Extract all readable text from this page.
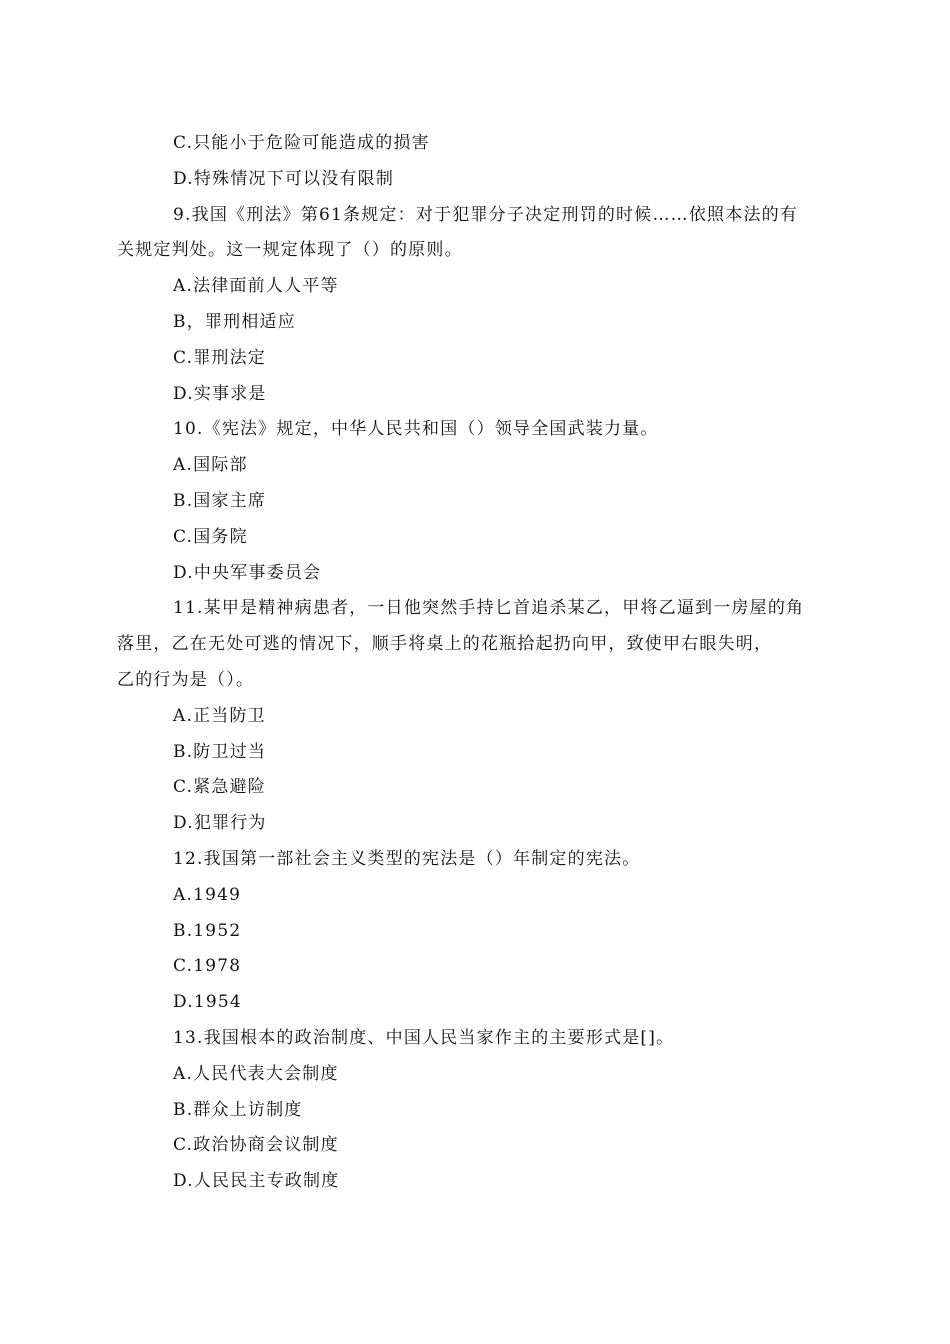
C.只能小于危险可能造成的损害
D.特殊情况下可以没有限制
9.我国《刑法》第61条规定：对于犯罪分子决定刑罚的时候……依照本法的有
关规定判处。这一规定体现了（）的原则。
A.法律面前人人平等
B，罪刑相适应
C.罪刑法定
D.实事求是
10.《宪法》规定，中华人民共和国（）领导全国武装力量。
A.国际部
B.国家主席
C.国务院
D.中央军事委员会
11.某甲是精神病患者，一日他突然手持匕首追杀某乙，甲将乙逼到一房屋的角
落里，乙在无处可逃的情况下，顺手将桌上的花瓶拾起扔向甲，致使甲右眼失明，
乙的行为是（）。
A.正当防卫
B.防卫过当
C.紧急避险
D.犯罪行为
12.我国第一部社会主义类型的宪法是（）年制定的宪法。
A.1949
B.1952
C.1978
D.1954
13.我国根本的政治制度、中国人民当家作主的主要形式是[]。
A.人民代表大会制度
B.群众上访制度
C.政治协商会议制度
D.人民民主专政制度
